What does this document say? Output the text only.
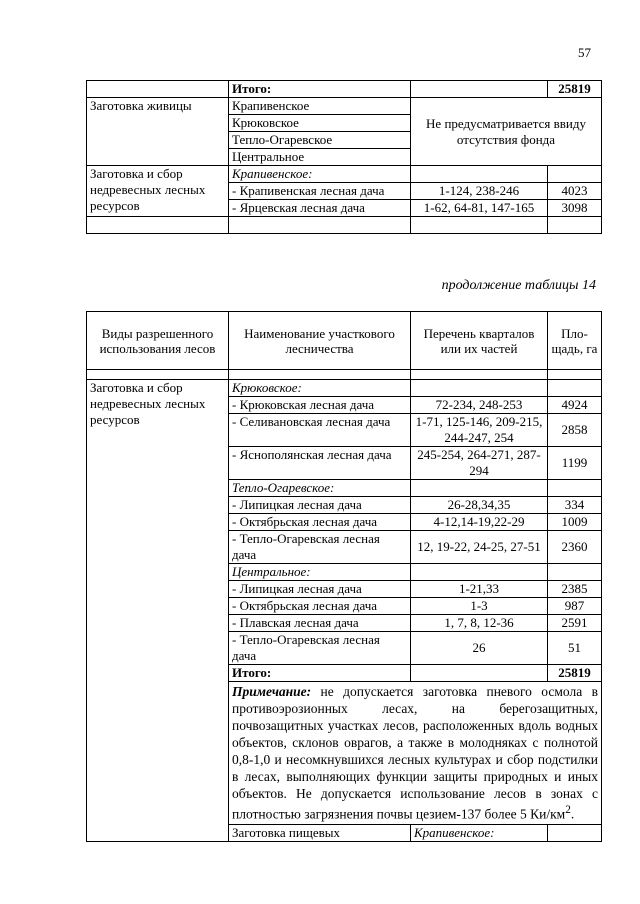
57
	Итого:		25819
Заготовка живицы	Крапивенское	Не предусматривается ввиду отсутствия фонда	
	Крюковское		
	Тепло-Огаревское		
	Центральное		
Заготовка и сбор недревесных лесных ресурсов	Крапивенское:		
	- Крапивенская лесная дача	1-124, 238-246	4023
	- Ярцевская лесная дача	1-62, 64-81, 147-165	3098

продолжение таблицы 14
Виды разрешенного использования лесов	Наименование участкового лесничества	Перечень кварталов или их частей	Пло-щадь, га	

Заготовка и сбор недревесных лесных ресурсов	Крюковское:			
	- Крюковская лесная дача	72-234, 248-253	4924	
	- Селивановская лесная дача	1-71, 125-146, 209-215, 244-247, 254	2858	
	- Яснополянская лесная дача	245-254, 264-271, 287-294	1199	
	Тепло-Огаревское:			
	- Липицкая лесная дача	26-28,34,35	334	
	- Октябрьская лесная дача	4-12,14-19,22-29	1009	
	- Тепло-Огаревская лесная дача	12, 19-22, 24-25, 27-51	2360	
	Центральное:			
	- Липицкая лесная дача	1-21,33	2385	
	- Октябрьская лесная дача	1-3	987	
	- Плавская лесная дача	1, 7, 8, 12-36	2591	
	- Тепло-Огаревская лесная дача	26	51	
	Итого:		25819	
	Примечание: не допускается заготовка пневого осмола в противоэрозионных лесах, на берегозащитных, почвозащитных участках лесов, расположенных вдоль водных объектов, склонов оврагов, а также в молодняках с полнотой 0,8-1,0 и несомкнувшихся лесных культурах и сбор подстилки в лесах, выполняющих функции защиты природных и иных объектов. Не допускается использование лесов в зонах с плотностью загрязнения почвы цезием-137 более 5 $Ки/км^2$.			
	Заготовка пищевых	Крапивенское:		
